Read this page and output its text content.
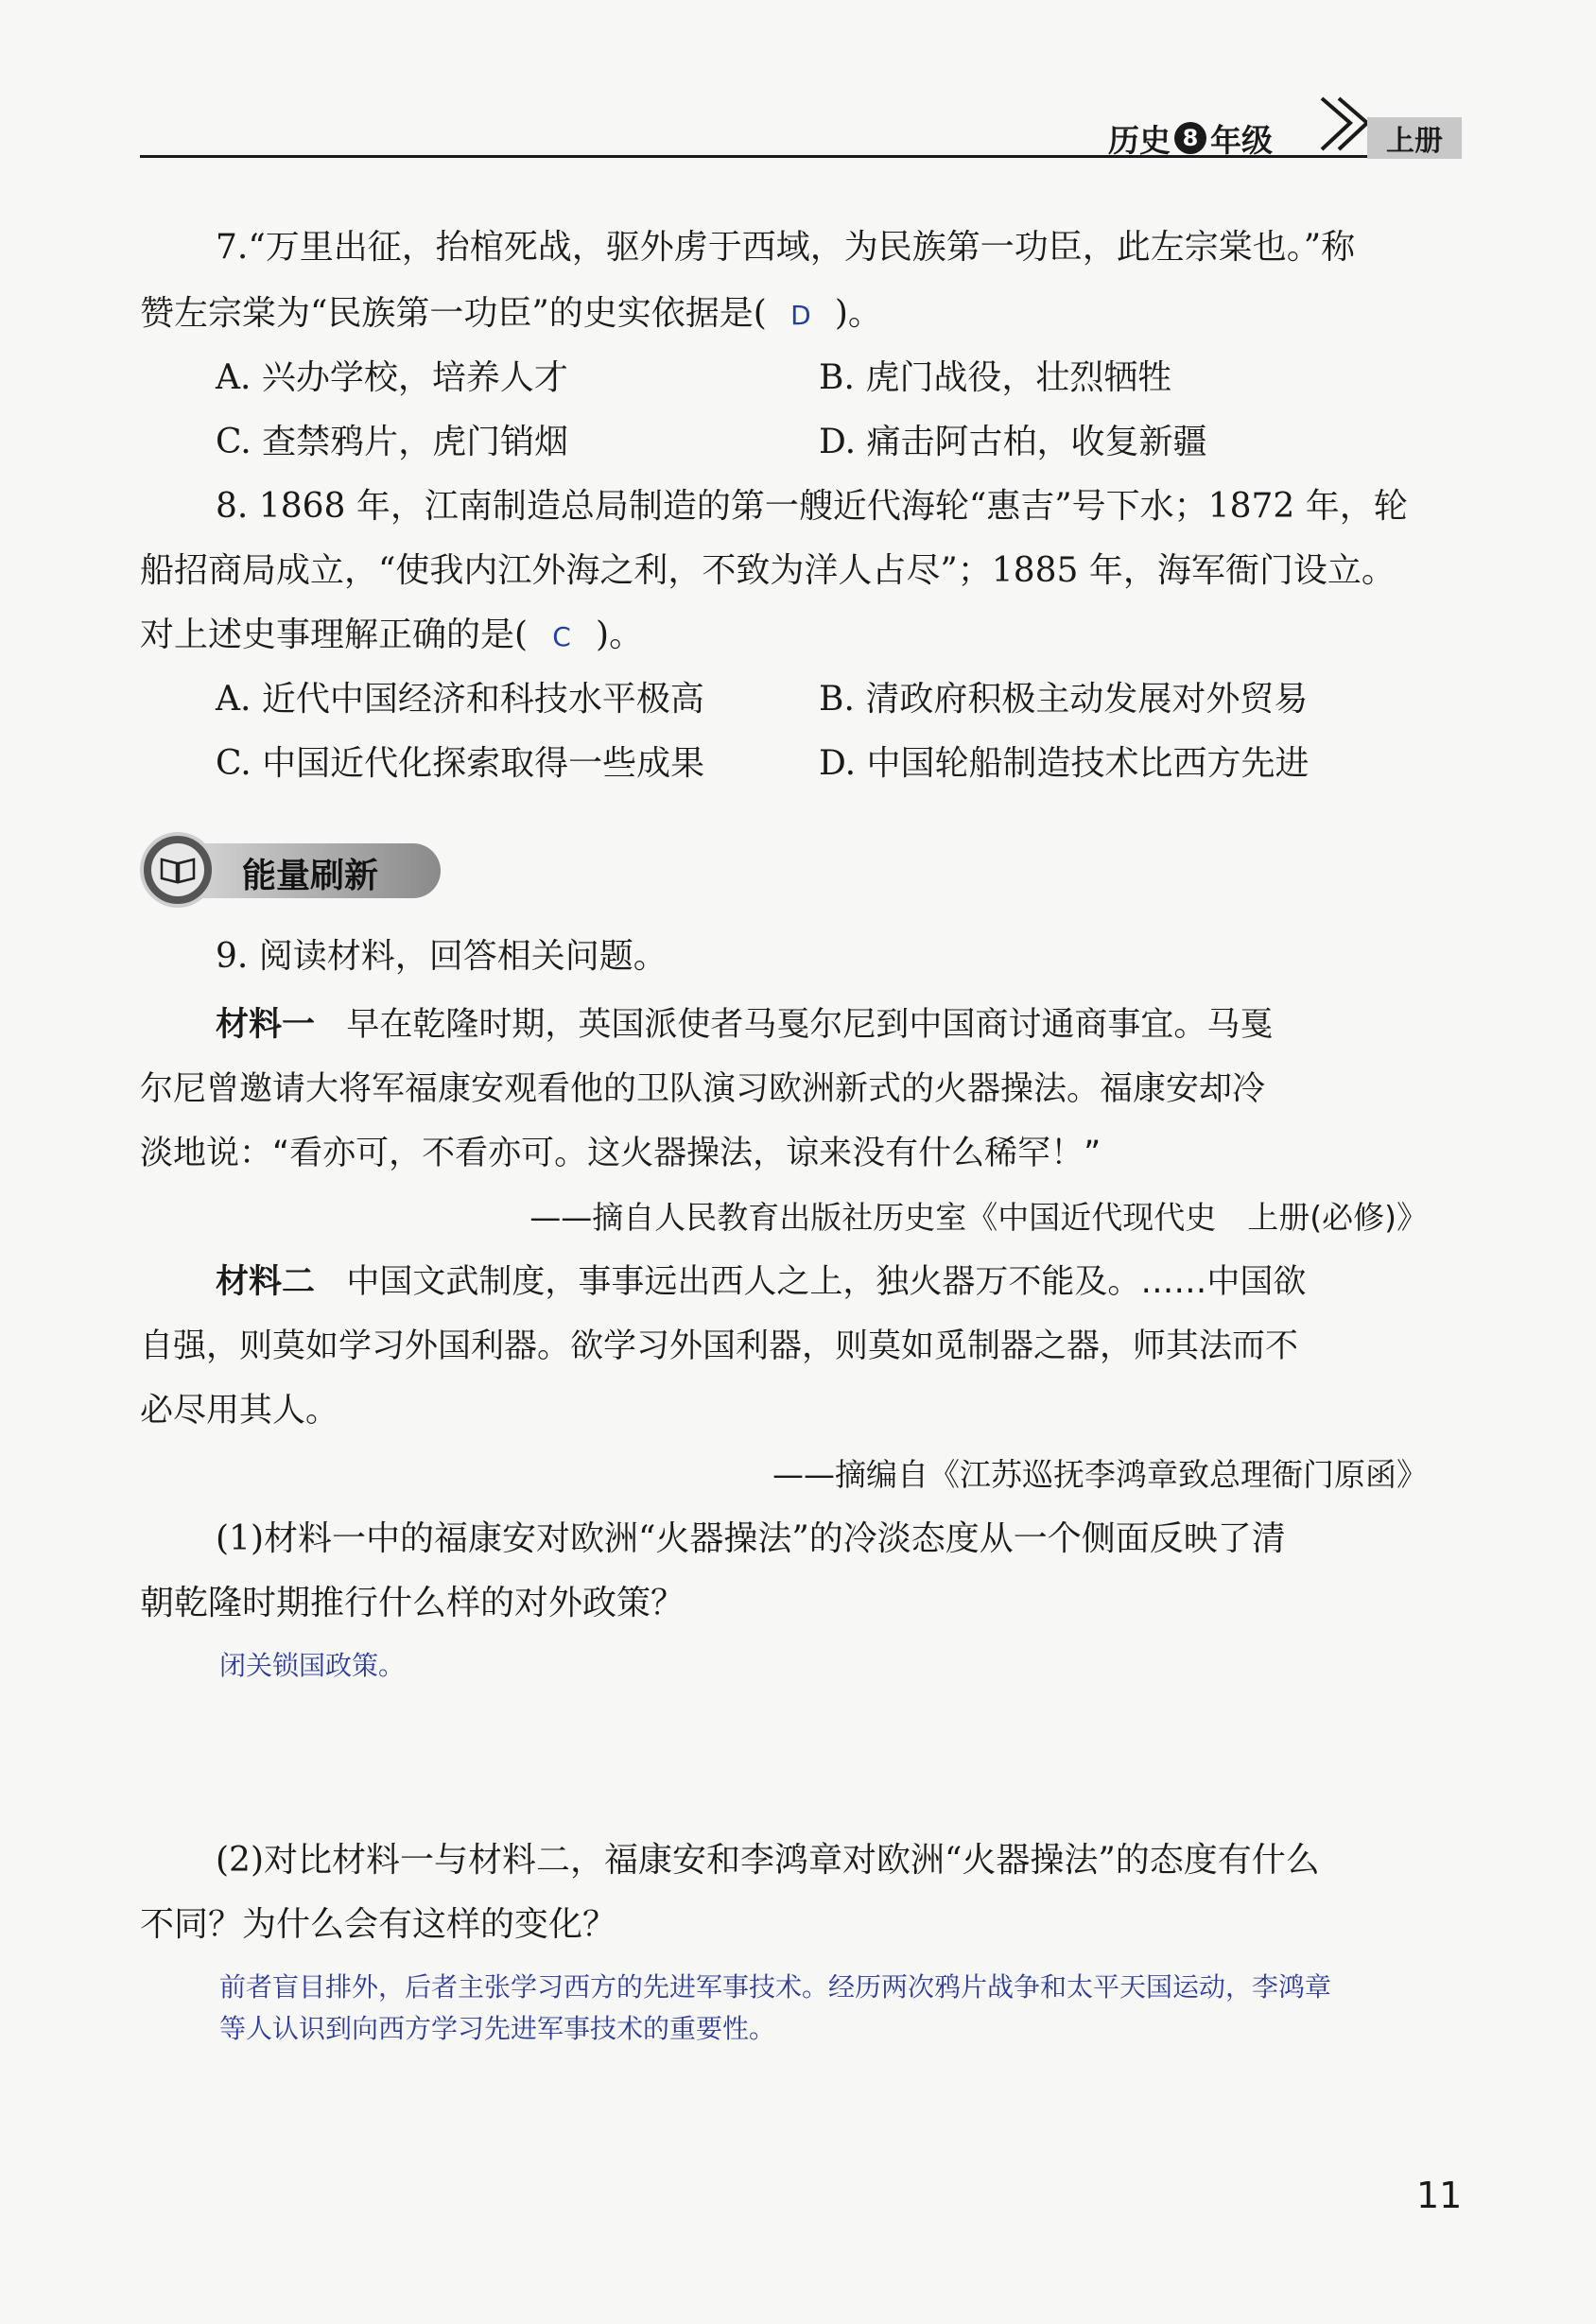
历史 8 年级	上册
7.“万里出征，抬棺死战，驱外虏于西域，为民族第一功臣，此左宗棠也。”称
赞左宗棠为“民族第一功臣”的史实依据是( D )。
A. 兴办学校，培养人才	B. 虎门战役，壮烈牺牲
C. 查禁鸦片，虎门销烟	D. 痛击阿古柏，收复新疆
8. 1868 年，江南制造总局制造的第一艘近代海轮“惠吉”号下水；1872 年，轮
船招商局成立，“使我内江外海之利，不致为洋人占尽”；1885 年，海军衙门设立。
对上述史事理解正确的是( C )。
A. 近代中国经济和科技水平极高	B. 清政府积极主动发展对外贸易
C. 中国近代化探索取得一些成果	D. 中国轮船制造技术比西方先进
能量刷新
9. 阅读材料，回答相关问题。
材料一 早在乾隆时期，英国派使者马戛尔尼到中国商讨通商事宜。马戛
尔尼曾邀请大将军福康安观看他的卫队演习欧洲新式的火器操法。福康安却冷
淡地说：“看亦可，不看亦可。这火器操法，谅来没有什么稀罕！”
——摘自人民教育出版社历史室《中国近代现代史　上册(必修)》
材料二 中国文武制度，事事远出西人之上，独火器万不能及。……中国欲
自强，则莫如学习外国利器。欲学习外国利器，则莫如觅制器之器，师其法而不
必尽用其人。
——摘编自《江苏巡抚李鸿章致总理衙门原函》
(1)材料一中的福康安对欧洲“火器操法”的冷淡态度从一个侧面反映了清
朝乾隆时期推行什么样的对外政策？
闭关锁国政策。
(2)对比材料一与材料二，福康安和李鸿章对欧洲“火器操法”的态度有什么
不同？为什么会有这样的变化？
前者盲目排外，后者主张学习西方的先进军事技术。经历两次鸦片战争和太平天国运动，李鸿章
等人认识到向西方学习先进军事技术的重要性。
11
